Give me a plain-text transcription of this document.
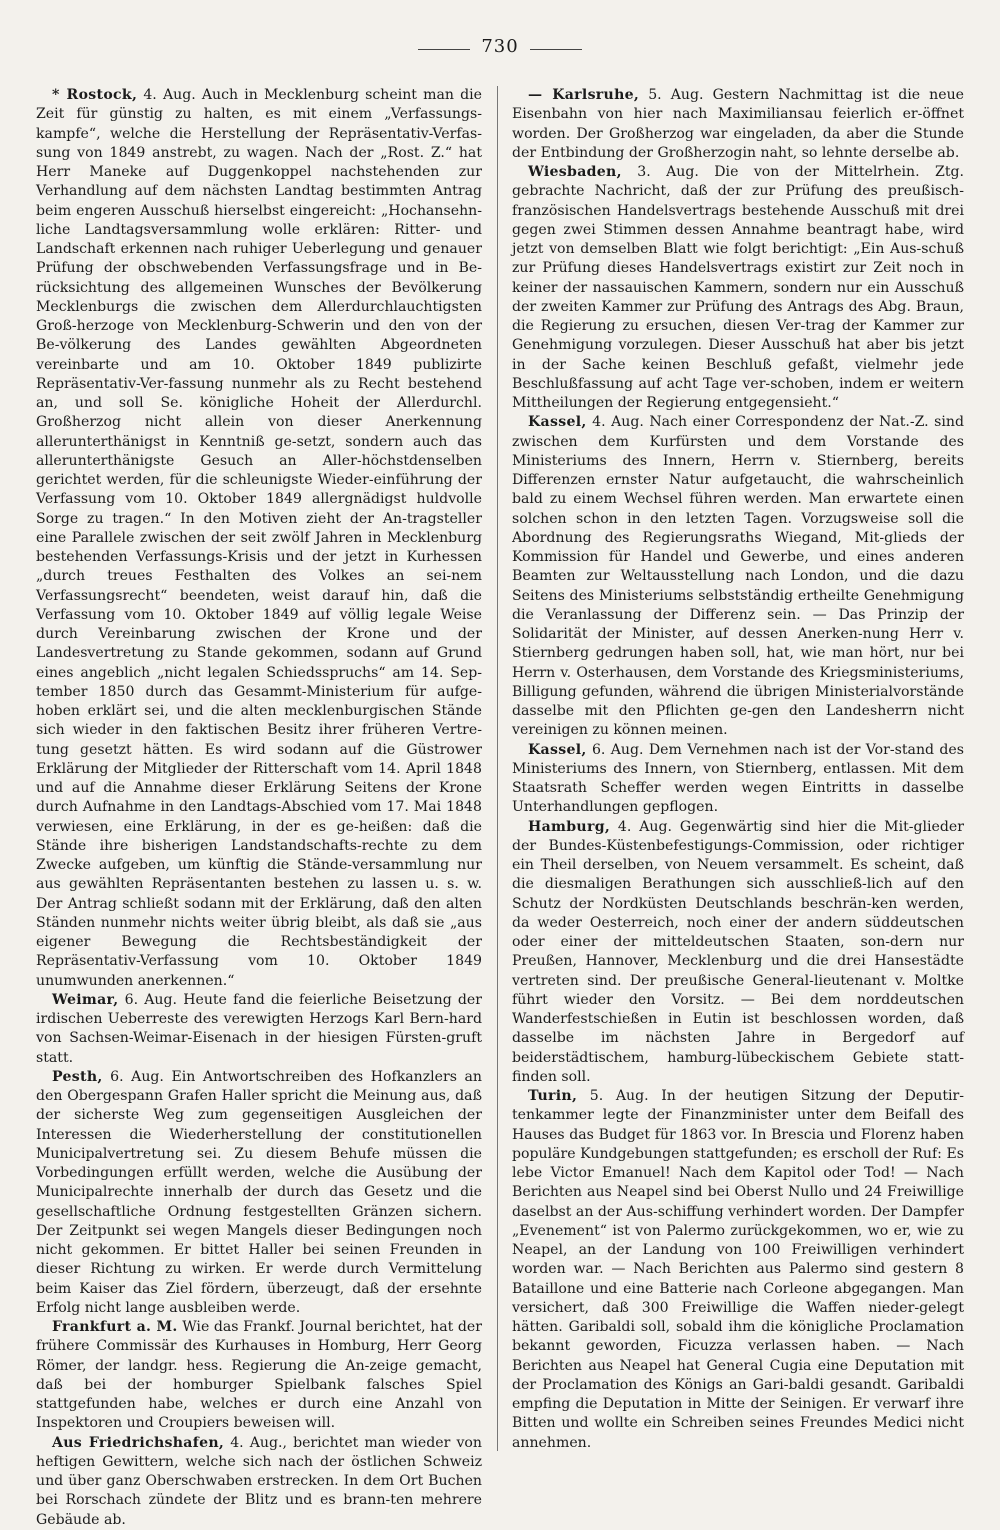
730

* Rostock, 4. Aug. Auch in Mecklenburg scheint man die Zeit für günstig zu halten, es mit einem „Verfassungs-kampfe“, welche die Herstellung der Repräsentativ-Verfas-sung von 1849 anstrebt, zu wagen. Nach der „Rost. Z.“ hat Herr Maneke auf Duggenkoppel nachstehenden zur Verhandlung auf dem nächsten Landtag bestimmten Antrag beim engeren Ausschuß hierselbst eingereicht: „Hochansehn-liche Landtagsversammlung wolle erklären: Ritter- und Landschaft erkennen nach ruhiger Ueberlegung und genauer Prüfung der obschwebenden Verfassungsfrage und in Be-rücksichtung des allgemeinen Wunsches der Bevölkerung Mecklenburgs die zwischen dem Allerdurchlauchtigsten Groß-herzoge von Mecklenburg-Schwerin und den von der Be-völkerung des Landes gewählten Abgeordneten vereinbarte und am 10. Oktober 1849 publizirte Repräsentativ-Ver-fassung nunmehr als zu Recht bestehend an, und soll Se. königliche Hoheit der Allerdurchl. Großherzog nicht allein von dieser Anerkennung allerunterthänigst in Kenntniß ge-setzt, sondern auch das allerunterthänigste Gesuch an Aller-höchstdenselben gerichtet werden, für die schleunigste Wieder-einführung der Verfassung vom 10. Oktober 1849 allergnädigst huldvolle Sorge zu tragen.“ In den Motiven zieht der An-tragsteller eine Parallele zwischen der seit zwölf Jahren in Mecklenburg bestehenden Verfassungs-Krisis und der jetzt in Kurhessen „durch treues Festhalten des Volkes an sei-nem Verfassungsrecht“ beendeten, weist darauf hin, daß die Verfassung vom 10. Oktober 1849 auf völlig legale Weise durch Vereinbarung zwischen der Krone und der Landesvertretung zu Stande gekommen, sodann auf Grund eines angeblich „nicht legalen Schiedsspruchs“ am 14. Sep-tember 1850 durch das Gesammt-Ministerium für aufge-hoben erklärt sei, und die alten mecklenburgischen Stände sich wieder in den faktischen Besitz ihrer früheren Vertre-tung gesetzt hätten. Es wird sodann auf die Güstrower Erklärung der Mitglieder der Ritterschaft vom 14. April 1848 und auf die Annahme dieser Erklärung Seitens der Krone durch Aufnahme in den Landtags-Abschied vom 17. Mai 1848 verwiesen, eine Erklärung, in der es ge-heißen: daß die Stände ihre bisherigen Landstandschafts-rechte zu dem Zwecke aufgeben, um künftig die Stände-versammlung nur aus gewählten Repräsentanten bestehen zu lassen u. s. w. Der Antrag schließt sodann mit der Erklärung, daß den alten Ständen nunmehr nichts weiter übrig bleibt, als daß sie „aus eigener Bewegung die Rechtsbeständigkeit der Repräsentativ-Verfassung vom 10. Oktober 1849 unumwunden anerkennen.“

Weimar, 6. Aug. Heute fand die feierliche Beisetzung der irdischen Ueberreste des verewigten Herzogs Karl Bern-hard von Sachsen-Weimar-Eisenach in der hiesigen Fürsten-gruft statt.

Pesth, 6. Aug. Ein Antwortschreiben des Hofkanzlers an den Obergespann Grafen Haller spricht die Meinung aus, daß der sicherste Weg zum gegenseitigen Ausgleichen der Interessen die Wiederherstellung der constitutionellen Municipalvertretung sei. Zu diesem Behufe müssen die Vorbedingungen erfüllt werden, welche die Ausübung der Municipalrechte innerhalb der durch das Gesetz und die gesellschaftliche Ordnung festgestellten Gränzen sichern. Der Zeitpunkt sei wegen Mangels dieser Bedingungen noch nicht gekommen. Er bittet Haller bei seinen Freunden in dieser Richtung zu wirken. Er werde durch Vermittelung beim Kaiser das Ziel fördern, überzeugt, daß der ersehnte Erfolg nicht lange ausbleiben werde.

Frankfurt a. M. Wie das Frankf. Journal berichtet, hat der frühere Commissär des Kurhauses in Homburg, Herr Georg Römer, der landgr. hess. Regierung die An-zeige gemacht, daß bei der homburger Spielbank falsches Spiel stattgefunden habe, welches er durch eine Anzahl von Inspektoren und Croupiers beweisen will.

Aus Friedrichshafen, 4. Aug., berichtet man wieder von heftigen Gewittern, welche sich nach der östlichen Schweiz und über ganz Oberschwaben erstrecken. In dem Ort Buchen bei Rorschach zündete der Blitz und es brann-ten mehrere Gebäude ab.

— Karlsruhe, 5. Aug. Gestern Nachmittag ist die neue Eisenbahn von hier nach Maximiliansau feierlich er-öffnet worden. Der Großherzog war eingeladen, da aber die Stunde der Entbindung der Großherzogin naht, so lehnte derselbe ab.

Wiesbaden, 3. Aug. Die von der Mittelrhein. Ztg. gebrachte Nachricht, daß der zur Prüfung des preußisch-französischen Handelsvertrags bestehende Ausschuß mit drei gegen zwei Stimmen dessen Annahme beantragt habe, wird jetzt von demselben Blatt wie folgt berichtigt: „Ein Aus-schuß zur Prüfung dieses Handelsvertrags existirt zur Zeit noch in keiner der nassauischen Kammern, sondern nur ein Ausschuß der zweiten Kammer zur Prüfung des Antrags des Abg. Braun, die Regierung zu ersuchen, diesen Ver-trag der Kammer zur Genehmigung vorzulegen. Dieser Ausschuß hat aber bis jetzt in der Sache keinen Beschluß gefaßt, vielmehr jede Beschlußfassung auf acht Tage ver-schoben, indem er weitern Mittheilungen der Regierung entgegensieht.“

Kassel, 4. Aug. Nach einer Correspondenz der Nat.-Z. sind zwischen dem Kurfürsten und dem Vorstande des Ministeriums des Innern, Herrn v. Stiernberg, bereits Differenzen ernster Natur aufgetaucht, die wahrscheinlich bald zu einem Wechsel führen werden. Man erwartete einen solchen schon in den letzten Tagen. Vorzugsweise soll die Abordnung des Regierungsraths Wiegand, Mit-glieds der Kommission für Handel und Gewerbe, und eines anderen Beamten zur Weltausstellung nach London, und die dazu Seitens des Ministeriums selbstständig ertheilte Genehmigung die Veranlassung der Differenz sein. — Das Prinzip der Solidarität der Minister, auf dessen Anerken-nung Herr v. Stiernberg gedrungen haben soll, hat, wie man hört, nur bei Herrn v. Osterhausen, dem Vorstande des Kriegsministeriums, Billigung gefunden, während die übrigen Ministerialvorstände dasselbe mit den Pflichten ge-gen den Landesherrn nicht vereinigen zu können meinen.

Kassel, 6. Aug. Dem Vernehmen nach ist der Vor-stand des Ministeriums des Innern, von Stiernberg, entlassen. Mit dem Staatsrath Scheffer werden wegen Eintritts in dasselbe Unterhandlungen gepflogen.

Hamburg, 4. Aug. Gegenwärtig sind hier die Mit-glieder der Bundes-Küstenbefestigungs-Commission, oder richtiger ein Theil derselben, von Neuem versammelt. Es scheint, daß die diesmaligen Berathungen sich ausschließ-lich auf den Schutz der Nordküsten Deutschlands beschrän-ken werden, da weder Oesterreich, noch einer der andern süddeutschen oder einer der mitteldeutschen Staaten, son-dern nur Preußen, Hannover, Mecklenburg und die drei Hansestädte vertreten sind. Der preußische General-lieutenant v. Moltke führt wieder den Vorsitz. — Bei dem norddeutschen Wanderfestschießen in Eutin ist beschlossen worden, daß dasselbe im nächsten Jahre in Bergedorf auf beiderstädtischem, hamburg-lübeckischem Gebiete statt-finden soll.

Turin, 5. Aug. In der heutigen Sitzung der Deputir-tenkammer legte der Finanzminister unter dem Beifall des Hauses das Budget für 1863 vor. In Brescia und Florenz haben populäre Kundgebungen stattgefunden; es erscholl der Ruf: Es lebe Victor Emanuel! Nach dem Kapitol oder Tod! — Nach Berichten aus Neapel sind bei Oberst Nullo und 24 Freiwillige daselbst an der Aus-schiffung verhindert worden. Der Dampfer „Evenement“ ist von Palermo zurückgekommen, wo er, wie zu Neapel, an der Landung von 100 Freiwilligen verhindert worden war. — Nach Berichten aus Palermo sind gestern 8 Bataillone und eine Batterie nach Corleone abgegangen. Man versichert, daß 300 Freiwillige die Waffen nieder-gelegt hätten. Garibaldi soll, sobald ihm die königliche Proclamation bekannt geworden, Ficuzza verlassen haben. — Nach Berichten aus Neapel hat General Cugia eine Deputation mit der Proclamation des Königs an Gari-baldi gesandt. Garibaldi empfing die Deputation in Mitte der Seinigen. Er verwarf ihre Bitten und wollte ein Schreiben seines Freundes Medici nicht annehmen.
